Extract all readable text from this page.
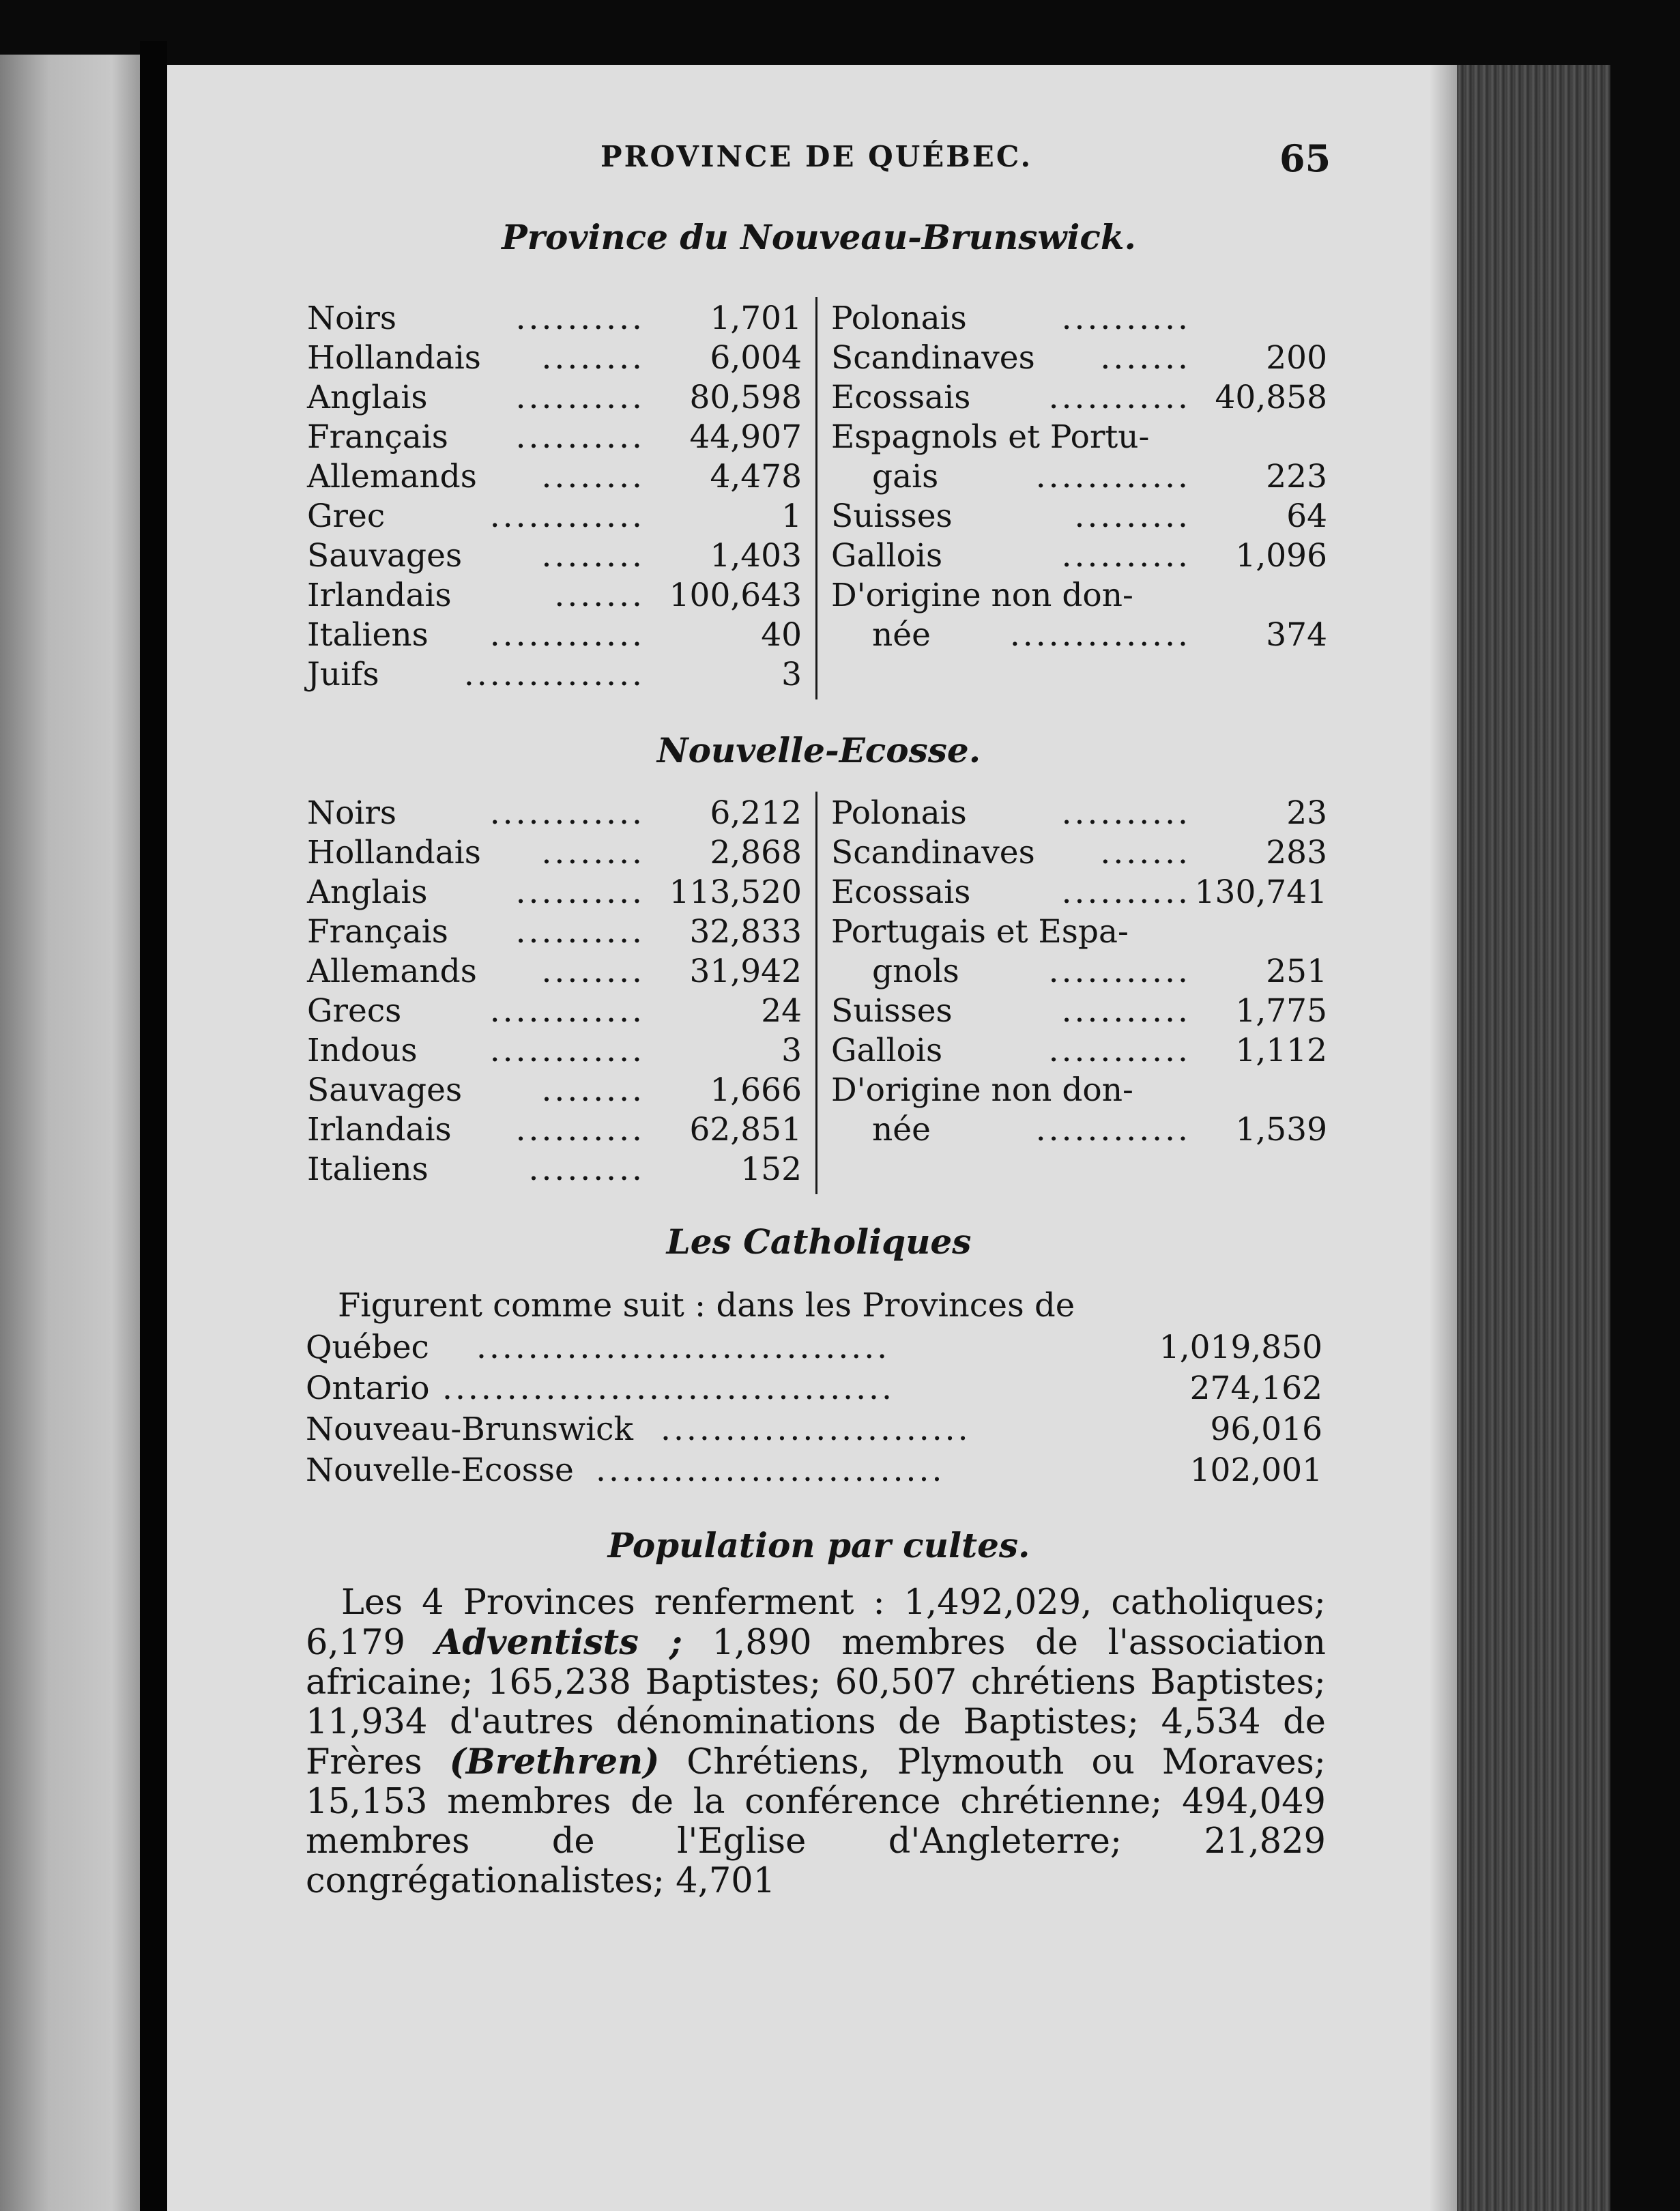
PROVINCE DE QUÉBEC.	65
Province du Nouveau-Brunswick.
Noirs	.......... 1,701
Hollandais ........ 6,004
Anglais	.......... 80,598
Français .......... 44,907
Allemands ........ 4,478
Grec	............	1
Sauvages ........ 1,403
Irlandais	....... 100,643
Italiens ............	40
Juifs	..............	3
Polonais	..........
Scandinaves ....... 200
Ecossais ........... 40,858
Espagnols et Portu-
gais	............ 223
Suisses	.........	64
Gallois	.......... 1,096
D'origine non don-
née .............. 374
Nouvelle-Ecosse.
Noirs	............ 6,212
Hollandais ........ 2,868
Anglais	.......... 113,520
Français .......... 32,833
Allemands ........ 31,942
Grecs	............	24
Indous ............	3
Sauvages ........ 1,666
Irlandais .......... 62,851
Italiens	.........	152
Polonais	..........	23
Scandinaves ....... 283
Ecossais	.......... 130,741
Portugais et Espa-
gnols	........... 251
Suisses	.......... 1,775
Gallois	........... 1,112
D'origine non don-
née	............ 1,539
Les Catholiques
Figurent comme suit : dans les Provinces de
Québec ................................	1,019,850
Ontario ...................................	274,162
Nouveau-Brunswick ........................	96,016
Nouvelle-Ecosse ...........................	102,001
Population par cultes.
Les 4 Provinces renferment : 1,492,029, catholiques; 6,179 Adventists ; 1,890 membres de l'association africaine; 165,238 Baptistes; 60,507 chrétiens Baptistes; 11,934 d'autres dénominations de Baptistes; 4,534 de Frères (Brethren) Chrétiens, Plymouth ou Moraves; 15,153 membres de la conférence chrétienne; 494,049 membres de l'Eglise d'Angleterre; 21,829 congrégationalistes; 4,701
